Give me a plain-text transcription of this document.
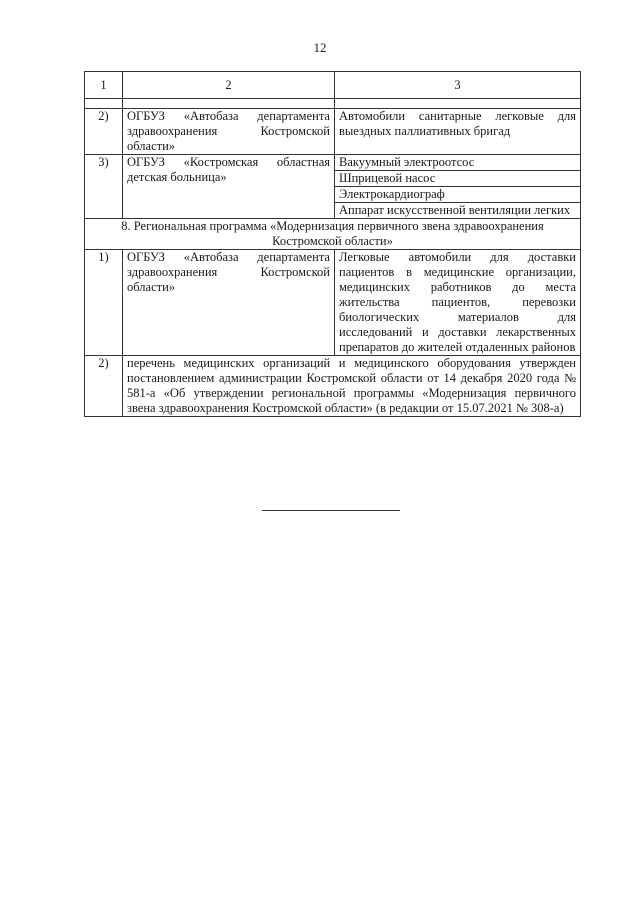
12
1	2	3

2)	ОГБУЗ «Автобаза департамента здравоохранения Костромской области»	Автомобили санитарные легковые для выездных паллиативных бригад
3)	ОГБУЗ «Костромская областная детская больница»	Вакуумный электроотсос
		Шприцевой насос
		Электрокардиограф
		Аппарат искусственной вентиляции легких
8. Региональная программа «Модернизация первичного звена здравоохранения Костромской области»		
1)	ОГБУЗ «Автобаза департамента здравоохранения Костромской области»	Легковые автомобили для доставки пациентов в медицинские организации, медицинских работников до места жительства пациентов, перевозки биологических материалов для исследований и доставки лекарственных препаратов до жителей отдаленных районов
2)	перечень медицинских организаций и медицинского оборудования утвержден постановлением администрации Костромской области от 14 декабря 2020 года № 581-а «Об утверждении региональной программы «Модернизация первичного звена здравоохранения Костромской области» (в редакции от 15.07.2021 № 308-а)	
